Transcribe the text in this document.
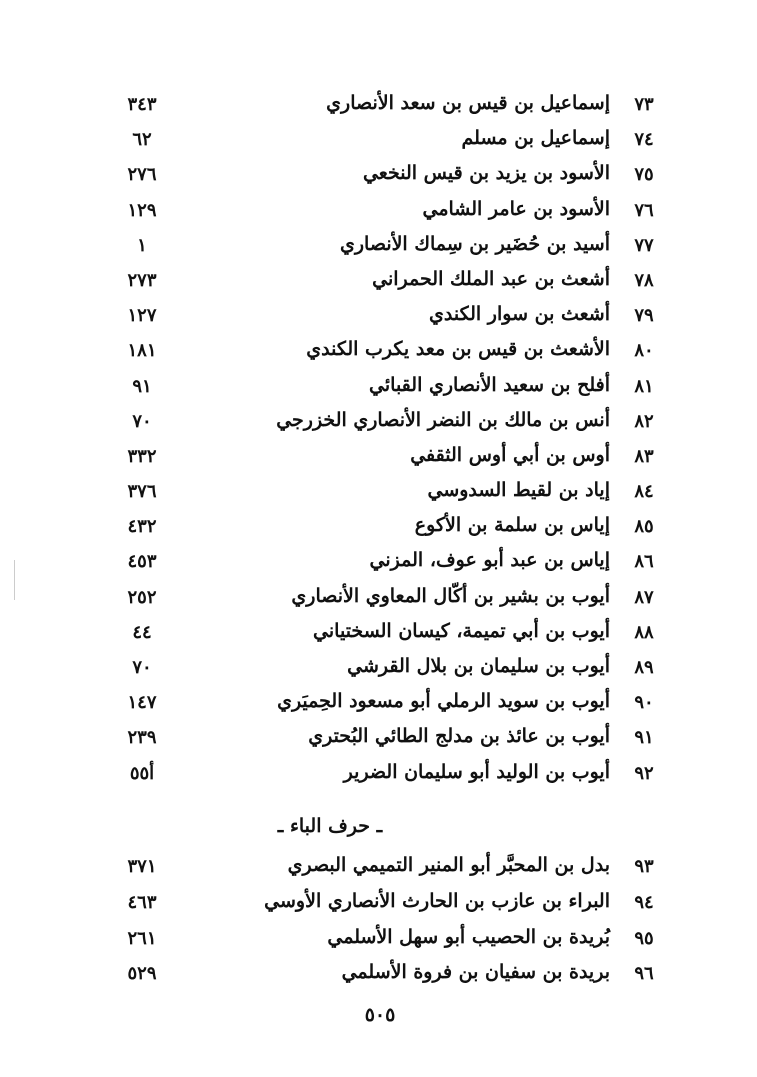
٧٣
إسماعيل بن قيس بن سعد الأنصاري
٣٤٣
٧٤
إسماعيل بن مسلم
٦٢
٧٥
الأسود بن يزيد بن قيس النخعي
٢٧٦
٧٦
الأسود بن عامر الشامي
١٢٩
٧٧
أسيد بن حُضَير بن سِماك الأنصاري
١
٧٨
أشعث بن عبد الملك الحمراني
٢٧٣
٧٩
أشعث بن سوار الكندي
١٢٧
٨٠
الأشعث بن قيس بن معد يكرب الكندي
١٨١
٨١
أفلح بن سعيد الأنصاري القبائي
٩١
٨٢
أنس بن مالك بن النضر الأنصاري الخزرجي
٧٠
٨٣
أوس بن أبي أوس الثقفي
٣٣٢
٨٤
إياد بن لقيط السدوسي
٣٧٦
٨٥
إياس بن سلمة بن الأكوع
٤٣٢
٨٦
إياس بن عبد أبو عوف، المزني
٤٥٣
٨٧
أيوب بن بشير بن أكّال المعاوي الأنصاري
٢٥٢
٨٨
أيوب بن أبي تميمة، كيسان السختياني
٤٤
٨٩
أيوب بن سليمان بن بلال القرشي
٧٠
٩٠
أيوب بن سويد الرملي أبو مسعود الحِميَري
١٤٧
٩١
أيوب بن عائذ بن مدلج الطائي البُحتري
٢٣٩
٩٢
أيوب بن الوليد أبو سليمان الضرير
أ٥٥
ـ حرف الباء ـ
٩٣
بدل بن المحبَّر أبو المنير التميمي البصري
٣٧١
٩٤
البراء بن عازب بن الحارث الأنصاري الأوسي
٤٦٣
٩٥
بُريدة بن الحصيب أبو سهل الأسلمي
٢٦١
٩٦
بريدة بن سفيان بن فروة الأسلمي
٥٢٩
٥٠٥
